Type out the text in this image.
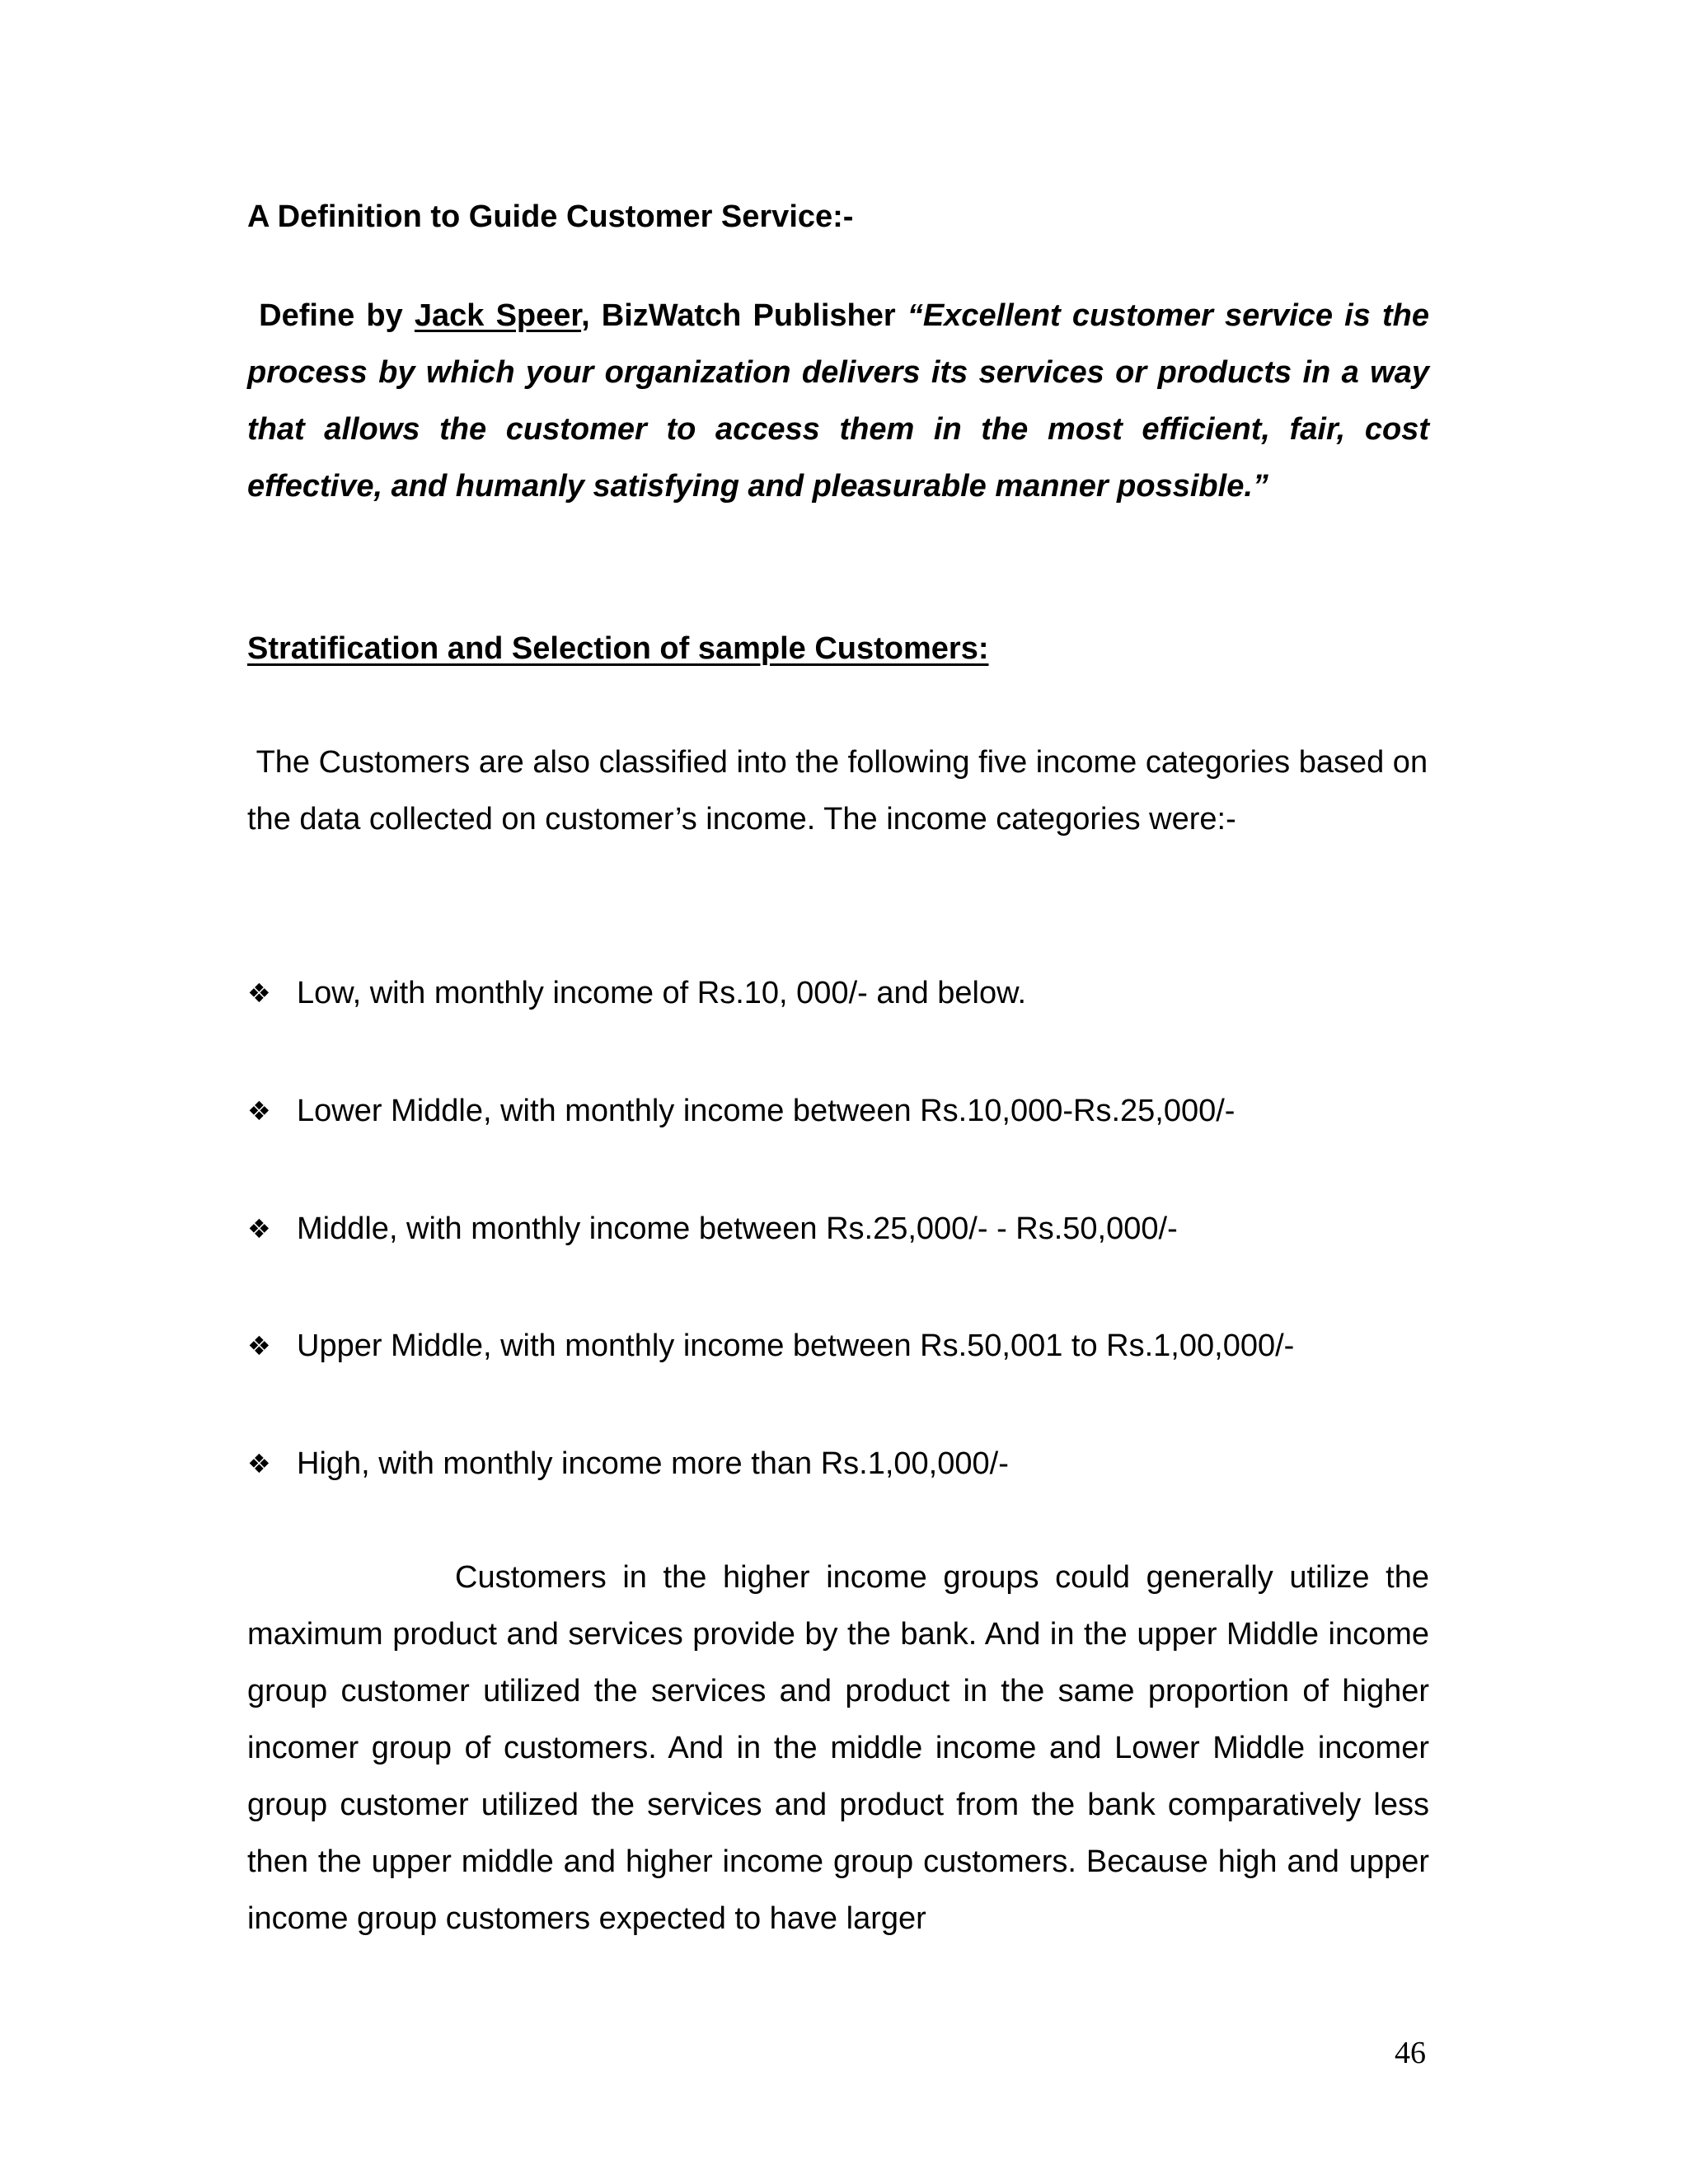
A Definition to Guide Customer Service:-
Define by Jack Speer, BizWatch Publisher “Excellent customer service is the process by which your organization delivers its services or products in a way that allows the customer to access them in the most efficient, fair, cost effective, and humanly satisfying and pleasurable manner possible.”
Stratification and Selection of sample Customers:
The Customers are also classified into the following five income categories based on the data collected on customer’s income. The income categories were:-
❖ Low, with monthly income of Rs.10, 000/- and below.
❖ Lower Middle, with monthly income between Rs.10,000-Rs.25,000/-
❖ Middle, with monthly income between Rs.25,000/- - Rs.50,000/-
❖ Upper Middle, with monthly income between Rs.50,001 to Rs.1,00,000/-
❖ High, with monthly income more than Rs.1,00,000/-
Customers in the higher income groups could generally utilize the maximum product and services provide by the bank. And in the upper Middle income group customer utilized the services and product in the same proportion of higher incomer group of customers. And in the middle income and Lower Middle incomer group customer utilized the services and product from the bank comparatively less then the upper middle and higher income group customers. Because high and upper income group customers expected to have larger
46
